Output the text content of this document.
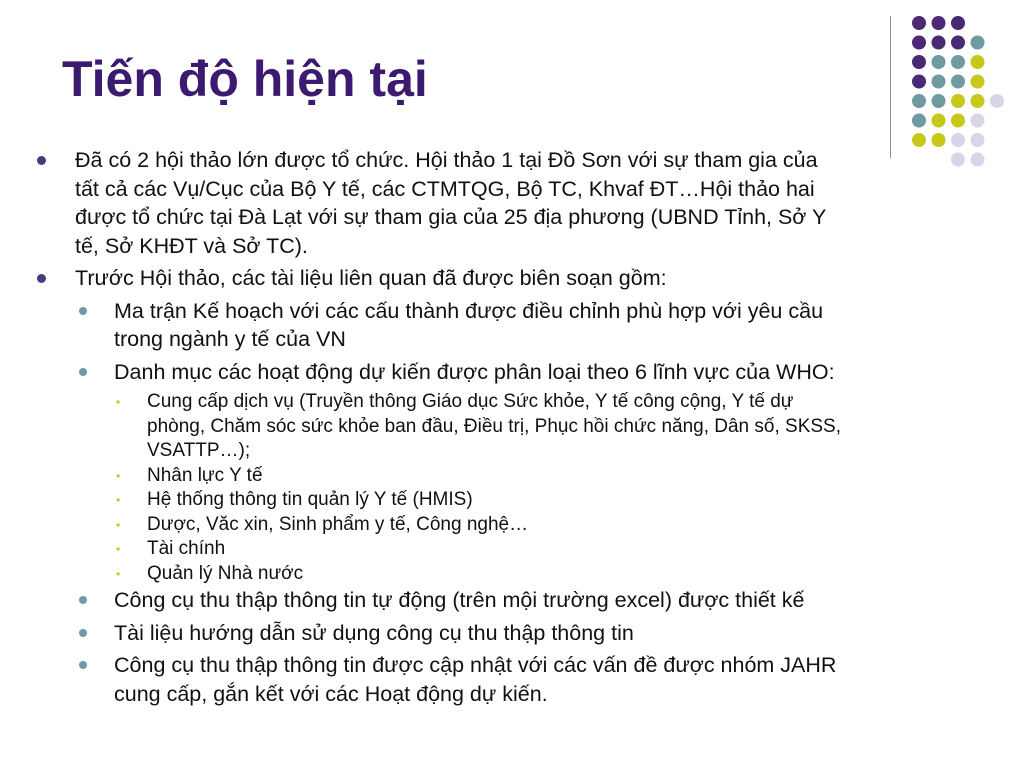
Tiến độ hiện tại
Đã có 2 hội thảo lớn được tổ chức. Hội thảo 1 tại Đồ Sơn với sự tham gia của
tất cả các Vụ/Cục của Bộ Y tế, các CTMTQG, Bộ TC, Khvaf ĐT…Hội thảo hai
được tổ chức tại Đà Lạt với sự tham gia của 25 địa phương (UBND Tỉnh, Sở Y
tế, Sở KHĐT và Sở TC).
Trước Hội thảo, các tài liệu liên quan đã được biên soạn gồm:
Ma trận Kế hoạch với các cấu thành được điều chỉnh phù hợp với yêu cầu
trong ngành y tế của VN
Danh mục các hoạt động dự kiến được phân loại theo 6 lĩnh vực của WHO:
• Cung cấp dịch vụ (Truyền thông Giáo dục Sức khỏe, Y tế công cộng, Y tế dự
phòng, Chăm sóc sức khỏe ban đầu, Điều trị, Phục hồi chức năng, Dân số, SKSS,
VSATTP…);
• Nhân lực Y tế
• Hệ thống thông tin quản lý Y tế (HMIS)
• Dược, Văc xin, Sinh phẩm y tế, Công nghệ…
• Tài chính
• Quản lý Nhà nước
Công cụ thu thập thông tin tự động (trên mội trường excel) được thiết kế
Tài liệu hướng dẫn sử dụng công cụ thu thập thông tin
Công cụ thu thập thông tin được cập nhật với các vấn đề được nhóm JAHR
cung cấp, gắn kết với các Hoạt động dự kiến.
